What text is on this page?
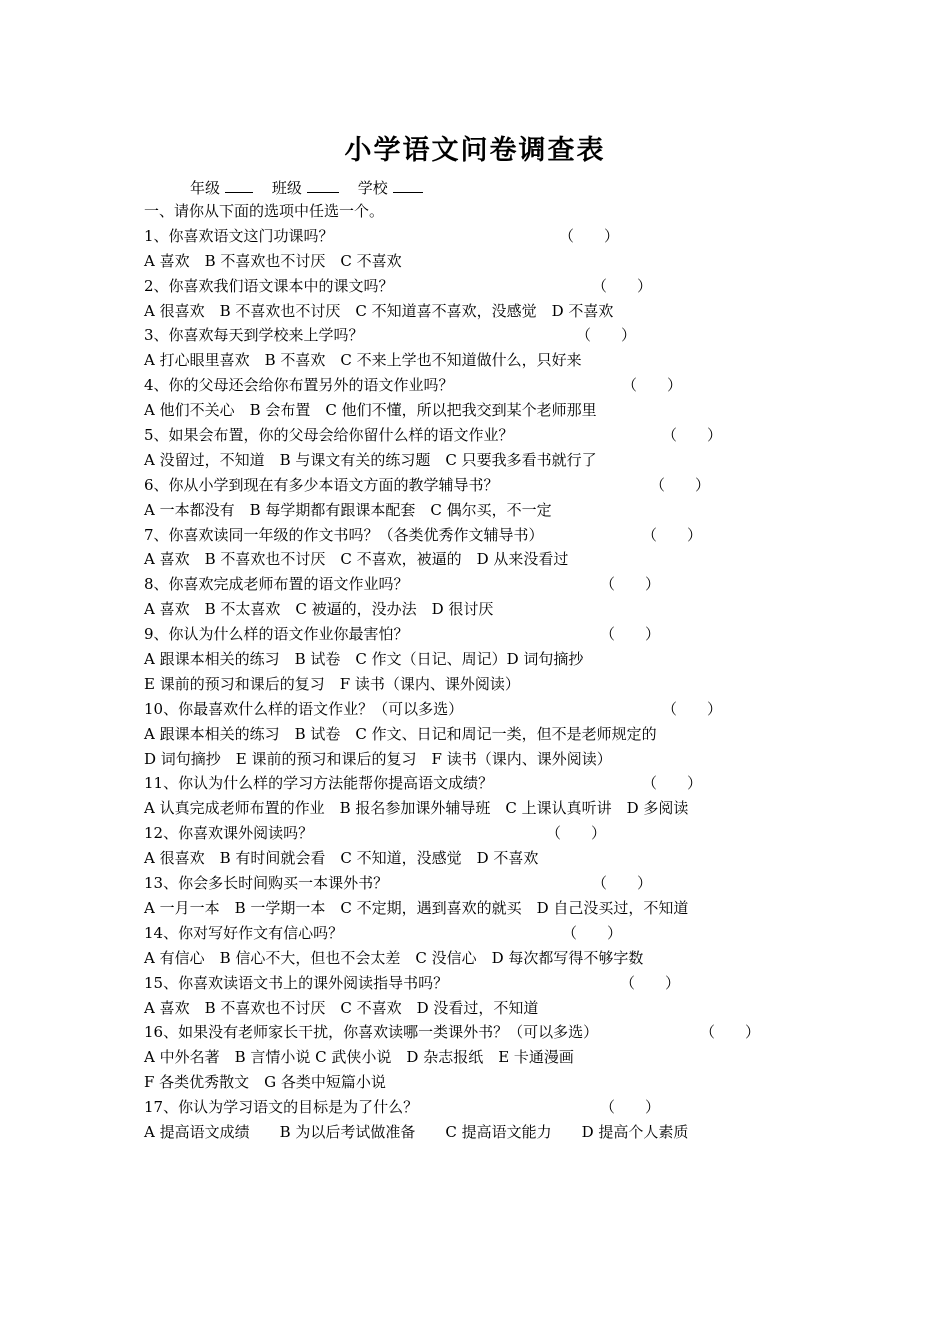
小学语文问卷调查表
年级	班级	学校
一、请你从下面的选项中任选一个。
1、你喜欢语文这门功课吗？	（　　）
A 喜欢　B 不喜欢也不讨厌　C 不喜欢
2、你喜欢我们语文课本中的课文吗？	（　　）
A 很喜欢　B 不喜欢也不讨厌　C 不知道喜不喜欢，没感觉　D 不喜欢
3、你喜欢每天到学校来上学吗？	（　　）
A 打心眼里喜欢　B 不喜欢　C 不来上学也不知道做什么，只好来
4、你的父母还会给你布置另外的语文作业吗？	（　　）
A 他们不关心　B 会布置　C 他们不懂，所以把我交到某个老师那里
5、如果会布置，你的父母会给你留什么样的语文作业？	（　　）
A 没留过，不知道　B 与课文有关的练习题　C 只要我多看书就行了
6、你从小学到现在有多少本语文方面的教学辅导书？	（　　）
A 一本都没有　B 每学期都有跟课本配套　C 偶尔买，不一定
7、你喜欢读同一年级的作文书吗？（各类优秀作文辅导书）	（　　）
A 喜欢　B 不喜欢也不讨厌　C 不喜欢，被逼的　D 从来没看过
8、你喜欢完成老师布置的语文作业吗？	（　　）
A 喜欢　B 不太喜欢　C 被逼的，没办法　D 很讨厌
9、你认为什么样的语文作业你最害怕？	（　　）
A 跟课本相关的练习　B 试卷　C 作文（日记、周记）D 词句摘抄
E 课前的预习和课后的复习　F 读书（课内、课外阅读）
10、你最喜欢什么样的语文作业？（可以多选）	（　　）
A 跟课本相关的练习　B 试卷　C 作文、日记和周记一类，但不是老师规定的
D 词句摘抄　E 课前的预习和课后的复习　F 读书（课内、课外阅读）
11、你认为什么样的学习方法能帮你提高语文成绩？	（　　）
A 认真完成老师布置的作业　B 报名参加课外辅导班　C 上课认真听讲　D 多阅读
12、你喜欢课外阅读吗？	（　　）
A 很喜欢　B 有时间就会看　C 不知道，没感觉　D 不喜欢
13、你会多长时间购买一本课外书？	（　　）
A 一月一本　B 一学期一本　C 不定期，遇到喜欢的就买　D 自己没买过，不知道
14、你对写好作文有信心吗？	（　　）
A 有信心　B 信心不大，但也不会太差　C 没信心　D 每次都写得不够字数
15、你喜欢读语文书上的课外阅读指导书吗？	（　　）
A 喜欢　B 不喜欢也不讨厌　C 不喜欢　D 没看过，不知道
16、如果没有老师家长干扰，你喜欢读哪一类课外书？（可以多选）	（　　）
A 中外名著　B 言情小说 C 武侠小说　D 杂志报纸　E 卡通漫画
F 各类优秀散文　G 各类中短篇小说
17、你认为学习语文的目标是为了什么？	（　　）
A 提高语文成绩　　B 为以后考试做准备　　C 提高语文能力　　D 提高个人素质
